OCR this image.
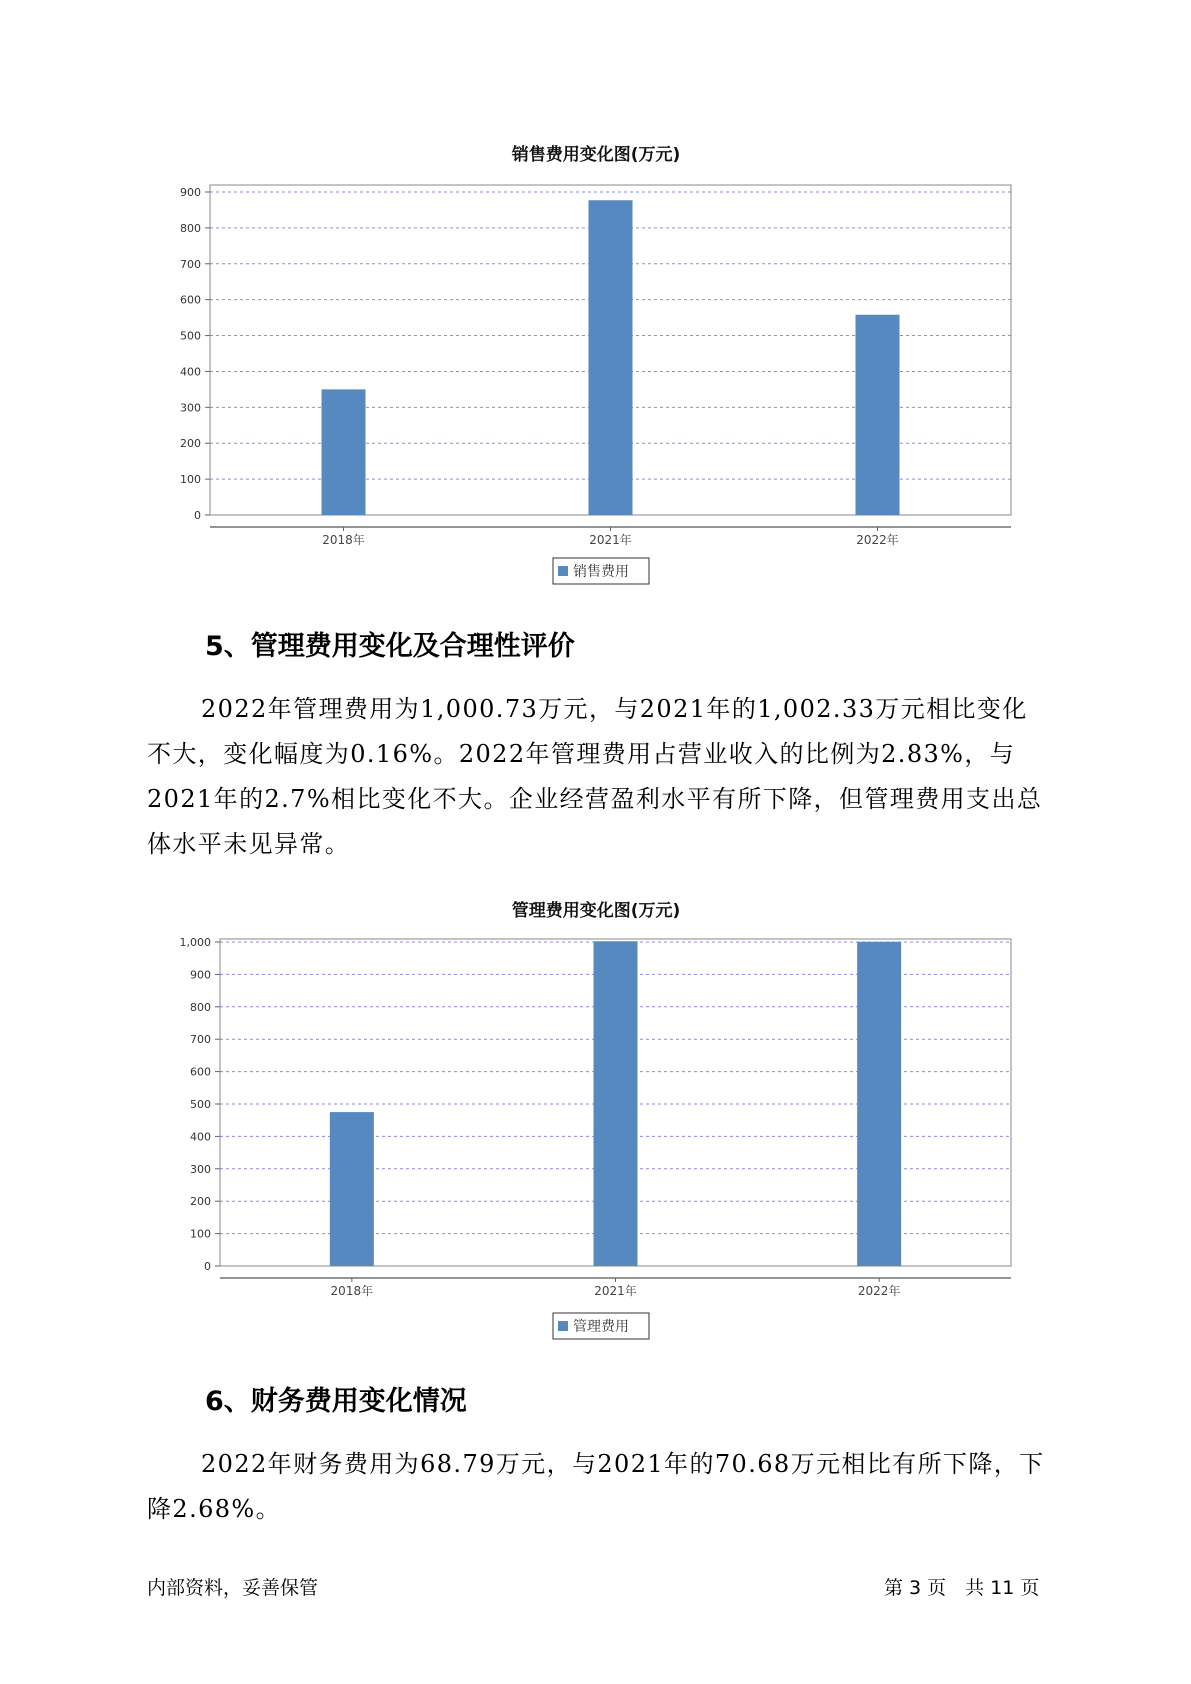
销售费用变化图(万元)
0
100
200
300
400
500
600
700
800
900
2018年	2021年	2022年
销售费用
5、管理费用变化及合理性评价

2022年管理费用为1,000.73万元，与2021年的1,002.33万元相比变化不大，变化幅度为0.16%。2022年管理费用占营业收入的比例为2.83%，与2021年的2.7%相比变化不大。企业经营盈利水平有所下降，但管理费用支出总体水平未见异常。

管理费用变化图(万元)
0
100
200
300
400
500
600
700
800
900
1,000
2018年	2021年	2022年
管理费用
6、财务费用变化情况

2022年财务费用为68.79万元，与2021年的70.68万元相比有所下降，下降2.68%。

内部资料，妥善保管	第 3 页　共 11 页
